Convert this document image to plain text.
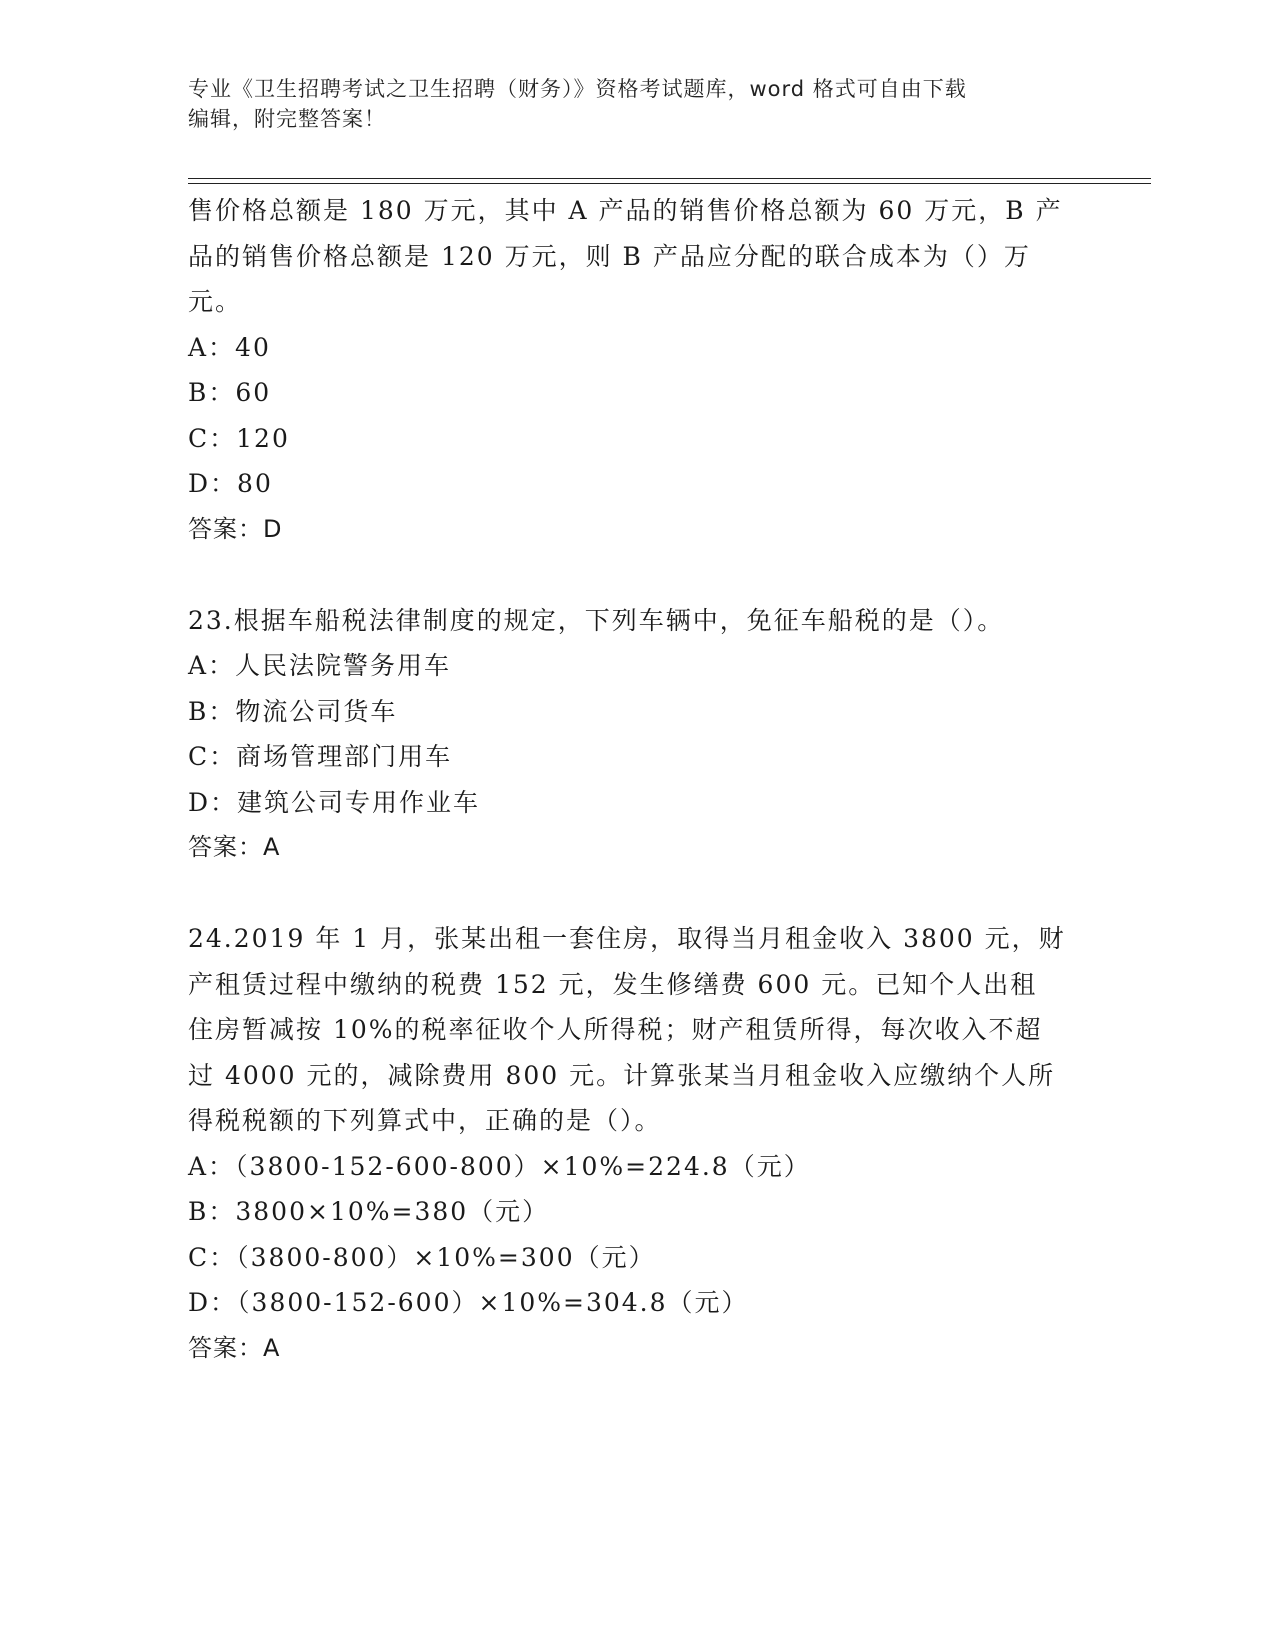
专业《卫生招聘考试之卫生招聘（财务）》资格考试题库，word 格式可自由下载
编辑，附完整答案！
售价格总额是 180 万元，其中 A 产品的销售价格总额为 60 万元，B 产
品的销售价格总额是 120 万元，则 B 产品应分配的联合成本为（）万
元。
A：40
B：60
C：120
D：80
答案：D
23.根据车船税法律制度的规定，下列车辆中，免征车船税的是（）。
A：人民法院警务用车
B：物流公司货车
C：商场管理部门用车
D：建筑公司专用作业车
答案：A
24.2019 年 1 月，张某出租一套住房，取得当月租金收入 3800 元，财
产租赁过程中缴纳的税费 152 元，发生修缮费 600 元。已知个人出租
住房暂减按 10%的税率征收个人所得税；财产租赁所得，每次收入不超
过 4000 元的，减除费用 800 元。计算张某当月租金收入应缴纳个人所
得税税额的下列算式中，正确的是（）。
A：（3800-152-600-800）×10%=224.8（元）
B：3800×10%=380（元）
C：（3800-800）×10%=300（元）
D：（3800-152-600）×10%=304.8（元）
答案：A
